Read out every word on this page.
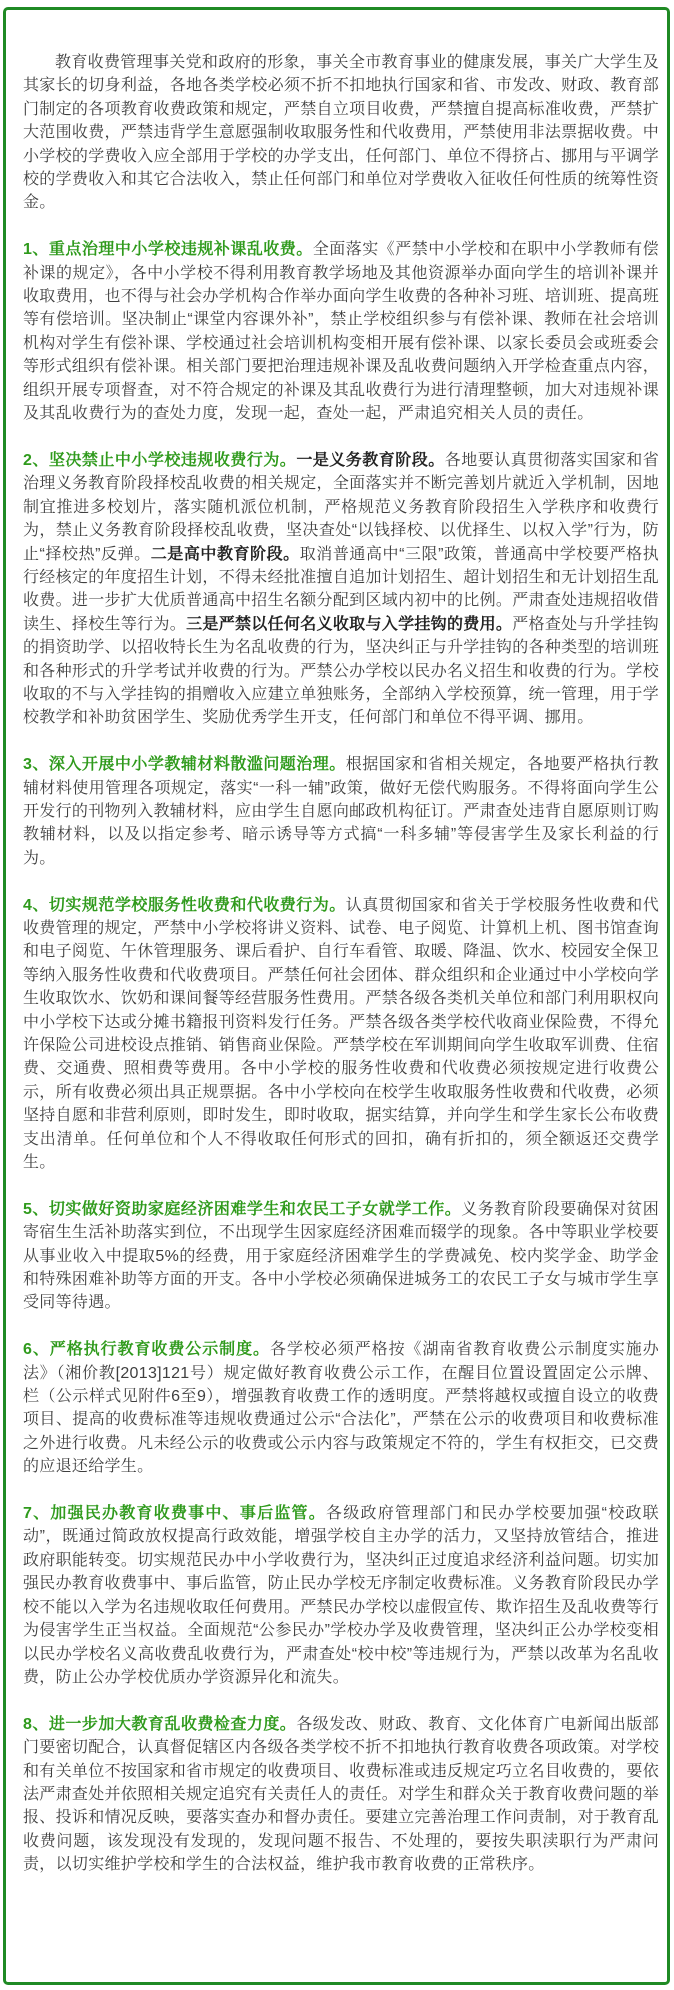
教育收费管理事关党和政府的形象，事关全市教育事业的健康发展，事关广大学生及其家长的切身利益，各地各类学校必须不折不扣地执行国家和省、市发改、财政、教育部门制定的各项教育收费政策和规定，严禁自立项目收费，严禁擅自提高标准收费，严禁扩大范围收费，严禁违背学生意愿强制收取服务性和代收费用，严禁使用非法票据收费。中小学校的学费收入应全部用于学校的办学支出，任何部门、单位不得挤占、挪用与平调学校的学费收入和其它合法收入，禁止任何部门和单位对学费收入征收任何性质的统筹性资金。

1、重点治理中小学校违规补课乱收费。全面落实《严禁中小学校和在职中小学教师有偿补课的规定》，各中小学校不得利用教育教学场地及其他资源举办面向学生的培训补课并收取费用，也不得与社会办学机构合作举办面向学生收费的各种补习班、培训班、提高班等有偿培训。坚决制止“课堂内容课外补”，禁止学校组织参与有偿补课、教师在社会培训机构对学生有偿补课、学校通过社会培训机构变相开展有偿补课、以家长委员会或班委会等形式组织有偿补课。相关部门要把治理违规补课及乱收费问题纳入开学检查重点内容，组织开展专项督查，对不符合规定的补课及其乱收费行为进行清理整顿，加大对违规补课及其乱收费行为的查处力度，发现一起，查处一起，严肃追究相关人员的责任。

2、坚决禁止中小学校违规收费行为。一是义务教育阶段。各地要认真贯彻落实国家和省治理义务教育阶段择校乱收费的相关规定，全面落实并不断完善划片就近入学机制，因地制宜推进多校划片，落实随机派位机制，严格规范义务教育阶段招生入学秩序和收费行为，禁止义务教育阶段择校乱收费，坚决查处“以钱择校、以优择生、以权入学”行为，防止“择校热”反弹。二是高中教育阶段。取消普通高中“三限”政策，普通高中学校要严格执行经核定的年度招生计划，不得未经批准擅自追加计划招生、超计划招生和无计划招生乱收费。进一步扩大优质普通高中招生名额分配到区域内初中的比例。严肃查处违规招收借读生、择校生等行为。三是严禁以任何名义收取与入学挂钩的费用。严格查处与升学挂钩的捐资助学、以招收特长生为名乱收费的行为，坚决纠正与升学挂钩的各种类型的培训班和各种形式的升学考试并收费的行为。严禁公办学校以民办名义招生和收费的行为。学校收取的不与入学挂钩的捐赠收入应建立单独账务，全部纳入学校预算，统一管理，用于学校教学和补助贫困学生、奖励优秀学生开支，任何部门和单位不得平调、挪用。

3、深入开展中小学教辅材料散滥问题治理。根据国家和省相关规定，各地要严格执行教辅材料使用管理各项规定，落实“一科一辅”政策，做好无偿代购服务。不得将面向学生公开发行的刊物列入教辅材料，应由学生自愿向邮政机构征订。严肃查处违背自愿原则订购教辅材料，以及以指定参考、暗示诱导等方式搞“一科多辅”等侵害学生及家长利益的行为。

4、切实规范学校服务性收费和代收费行为。认真贯彻国家和省关于学校服务性收费和代收费管理的规定，严禁中小学校将讲义资料、试卷、电子阅览、计算机上机、图书馆查询和电子阅览、午休管理服务、课后看护、自行车看管、取暖、降温、饮水、校园安全保卫等纳入服务性收费和代收费项目。严禁任何社会团体、群众组织和企业通过中小学校向学生收取饮水、饮奶和课间餐等经营服务性费用。严禁各级各类机关单位和部门利用职权向中小学校下达或分摊书籍报刊资料发行任务。严禁各级各类学校代收商业保险费，不得允许保险公司进校设点推销、销售商业保险。严禁学校在军训期间向学生收取军训费、住宿费、交通费、照相费等费用。各中小学校的服务性收费和代收费必须按规定进行收费公示，所有收费必须出具正规票据。各中小学校向在校学生收取服务性收费和代收费，必须坚持自愿和非营利原则，即时发生，即时收取，据实结算，并向学生和学生家长公布收费支出清单。任何单位和个人不得收取任何形式的回扣，确有折扣的，须全额返还交费学生。

5、切实做好资助家庭经济困难学生和农民工子女就学工作。义务教育阶段要确保对贫困寄宿生生活补助落实到位，不出现学生因家庭经济困难而辍学的现象。各中等职业学校要从事业收入中提取5%的经费，用于家庭经济困难学生的学费减免、校内奖学金、助学金和特殊困难补助等方面的开支。各中小学校必须确保进城务工的农民工子女与城市学生享受同等待遇。

6、严格执行教育收费公示制度。各学校必须严格按《湖南省教育收费公示制度实施办法》（湘价教[2013]121号）规定做好教育收费公示工作，在醒目位置设置固定公示牌、栏（公示样式见附件6至9），增强教育收费工作的透明度。严禁将越权或擅自设立的收费项目、提高的收费标准等违规收费通过公示“合法化”，严禁在公示的收费项目和收费标准之外进行收费。凡未经公示的收费或公示内容与政策规定不符的，学生有权拒交，已交费的应退还给学生。

7、加强民办教育收费事中、事后监管。各级政府管理部门和民办学校要加强“校政联动”，既通过简政放权提高行政效能，增强学校自主办学的活力，又坚持放管结合，推进政府职能转变。切实规范民办中小学收费行为，坚决纠正过度追求经济利益问题。切实加强民办教育收费事中、事后监管，防止民办学校无序制定收费标准。义务教育阶段民办学校不能以入学为名违规收取任何费用。严禁民办学校以虚假宣传、欺诈招生及乱收费等行为侵害学生正当权益。全面规范“公参民办”学校办学及收费管理，坚决纠正公办学校变相以民办学校名义高收费乱收费行为，严肃查处“校中校”等违规行为，严禁以改革为名乱收费，防止公办学校优质办学资源异化和流失。

8、进一步加大教育乱收费检查力度。各级发改、财政、教育、文化体育广电新闻出版部门要密切配合，认真督促辖区内各级各类学校不折不扣地执行教育收费各项政策。对学校和有关单位不按国家和省市规定的收费项目、收费标准或违反规定巧立名目收费的，要依法严肃查处并依照相关规定追究有关责任人的责任。对学生和群众关于教育收费问题的举报、投诉和情况反映，要落实查办和督办责任。要建立完善治理工作问责制，对于教育乱收费问题，该发现没有发现的，发现问题不报告、不处理的，要按失职渎职行为严肃问责，以切实维护学校和学生的合法权益，维护我市教育收费的正常秩序。
